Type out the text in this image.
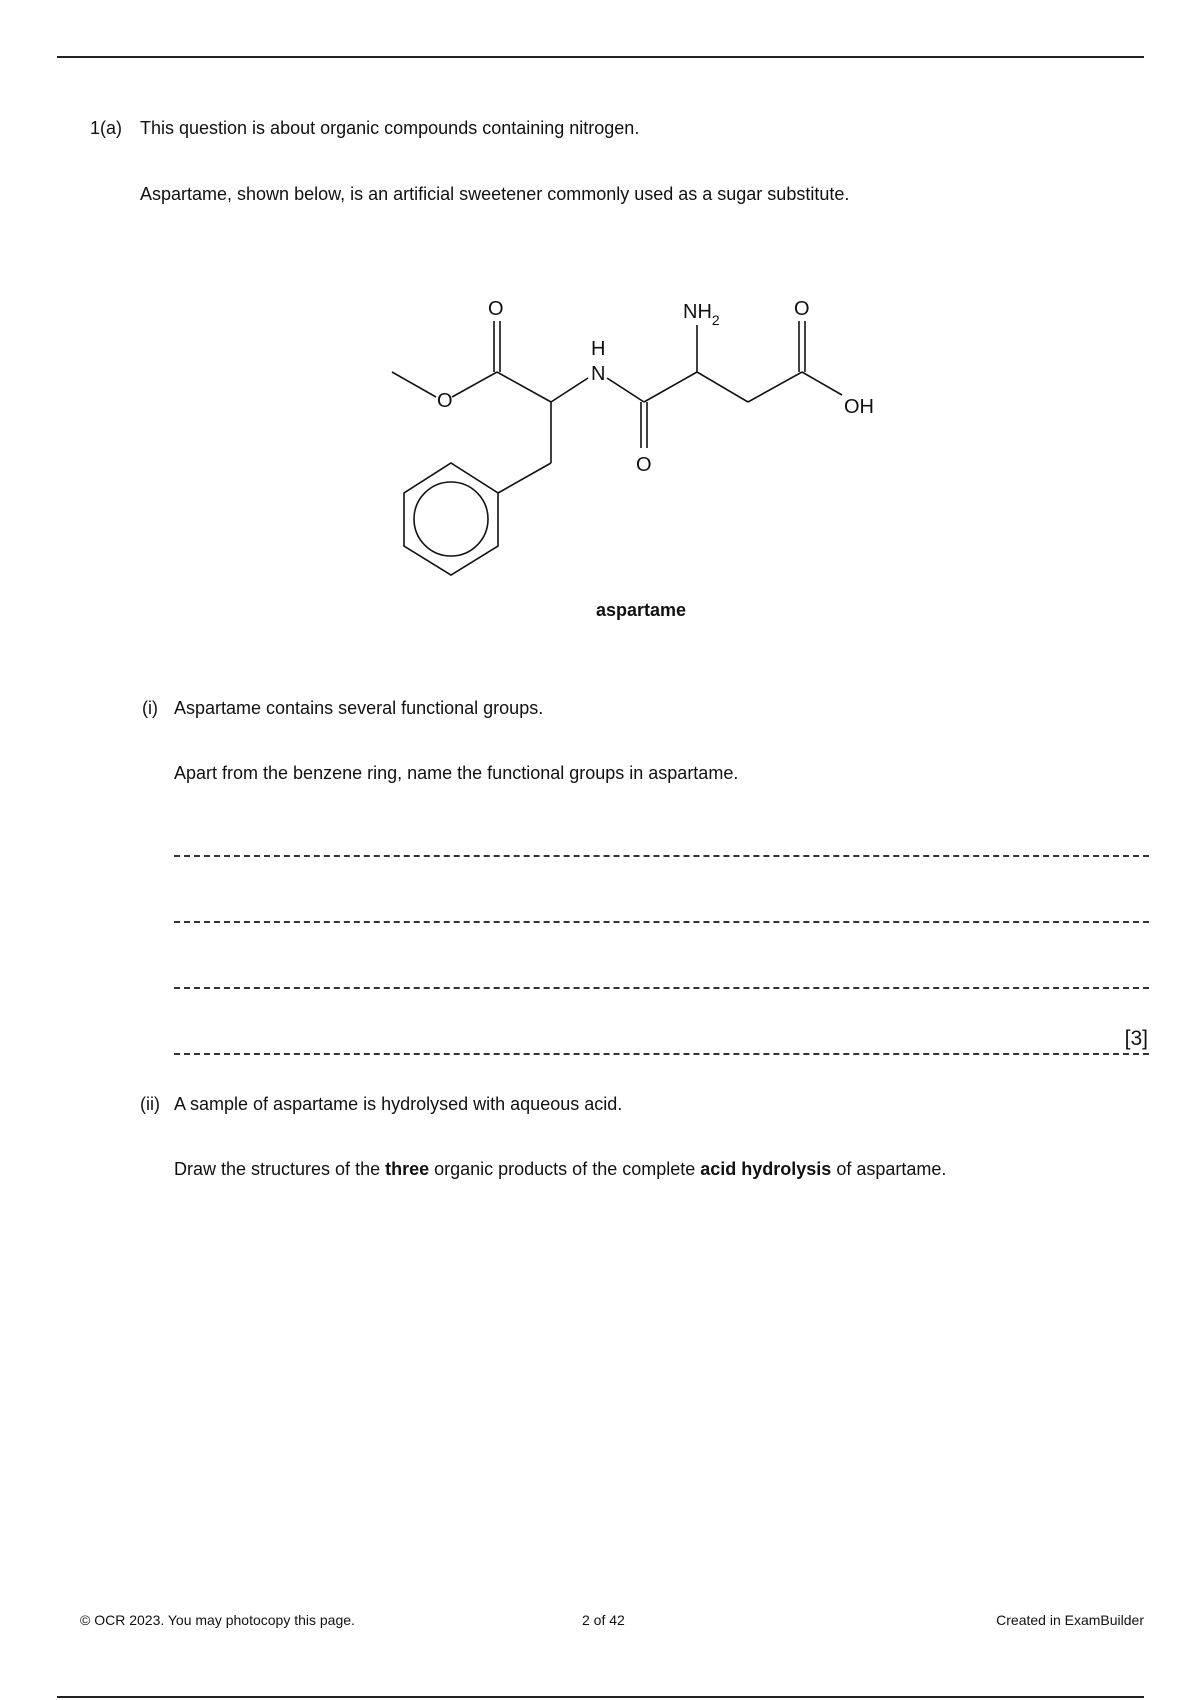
1(a) This question is about organic compounds containing nitrogen.
Aspartame, shown below, is an artificial sweetener commonly used as a sugar substitute.
O
O
H
N
O
$NH_2$	O
OH
aspartame
(i) Aspartame contains several functional groups.
Apart from the benzene ring, name the functional groups in aspartame.
[3]
(ii) A sample of aspartame is hydrolysed with aqueous acid.
Draw the structures of the three organic products of the complete acid hydrolysis of aspartame.
© OCR 2023. You may photocopy this page.	2 of 42	Created in ExamBuilder
